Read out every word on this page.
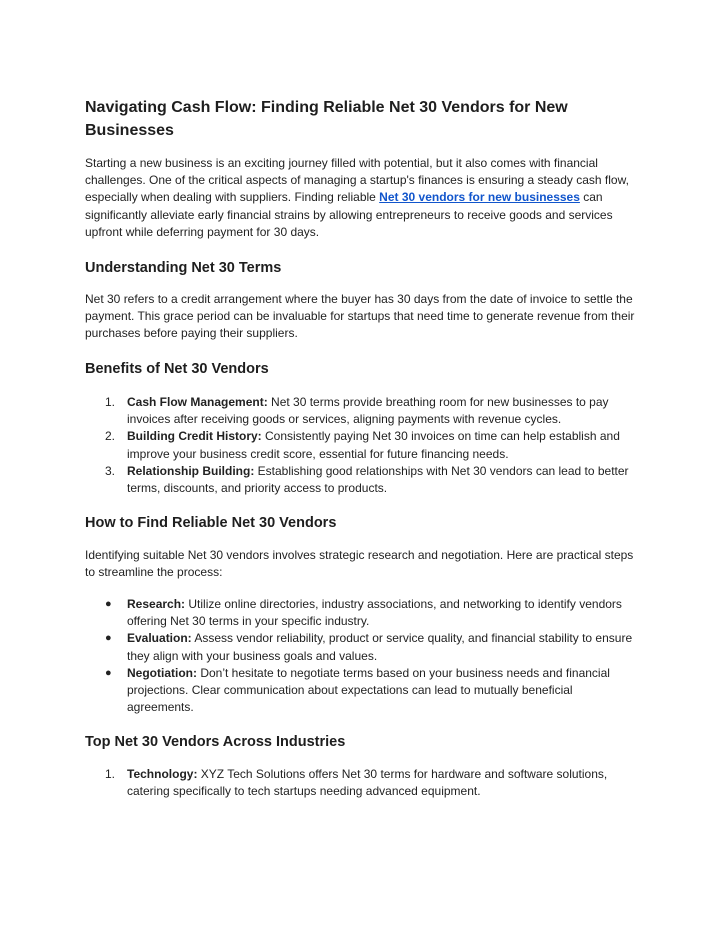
Navigating Cash Flow: Finding Reliable Net 30 Vendors for New Businesses

Starting a new business is an exciting journey filled with potential, but it also comes with financial challenges. One of the critical aspects of managing a startup's finances is ensuring a steady cash flow, especially when dealing with suppliers. Finding reliable Net 30 vendors for new businesses can significantly alleviate early financial strains by allowing entrepreneurs to receive goods and services upfront while deferring payment for 30 days.

Understanding Net 30 Terms

Net 30 refers to a credit arrangement where the buyer has 30 days from the date of invoice to settle the payment. This grace period can be invaluable for startups that need time to generate revenue from their purchases before paying their suppliers.

Benefits of Net 30 Vendors
1. Cash Flow Management: Net 30 terms provide breathing room for new businesses to pay invoices after receiving goods or services, aligning payments with revenue cycles.
2. Building Credit History: Consistently paying Net 30 invoices on time can help establish and improve your business credit score, essential for future financing needs.
3. Relationship Building: Establishing good relationships with Net 30 vendors can lead to better terms, discounts, and priority access to products.
How to Find Reliable Net 30 Vendors

Identifying suitable Net 30 vendors involves strategic research and negotiation. Here are practical steps to streamline the process:

● Research: Utilize online directories, industry associations, and networking to identify vendors offering Net 30 terms in your specific industry.
● Evaluation: Assess vendor reliability, product or service quality, and financial stability to ensure they align with your business goals and values.
● Negotiation: Don’t hesitate to negotiate terms based on your business needs and financial projections. Clear communication about expectations can lead to mutually beneficial agreements.
Top Net 30 Vendors Across Industries
1. Technology: XYZ Tech Solutions offers Net 30 terms for hardware and software solutions, catering specifically to tech startups needing advanced equipment.
